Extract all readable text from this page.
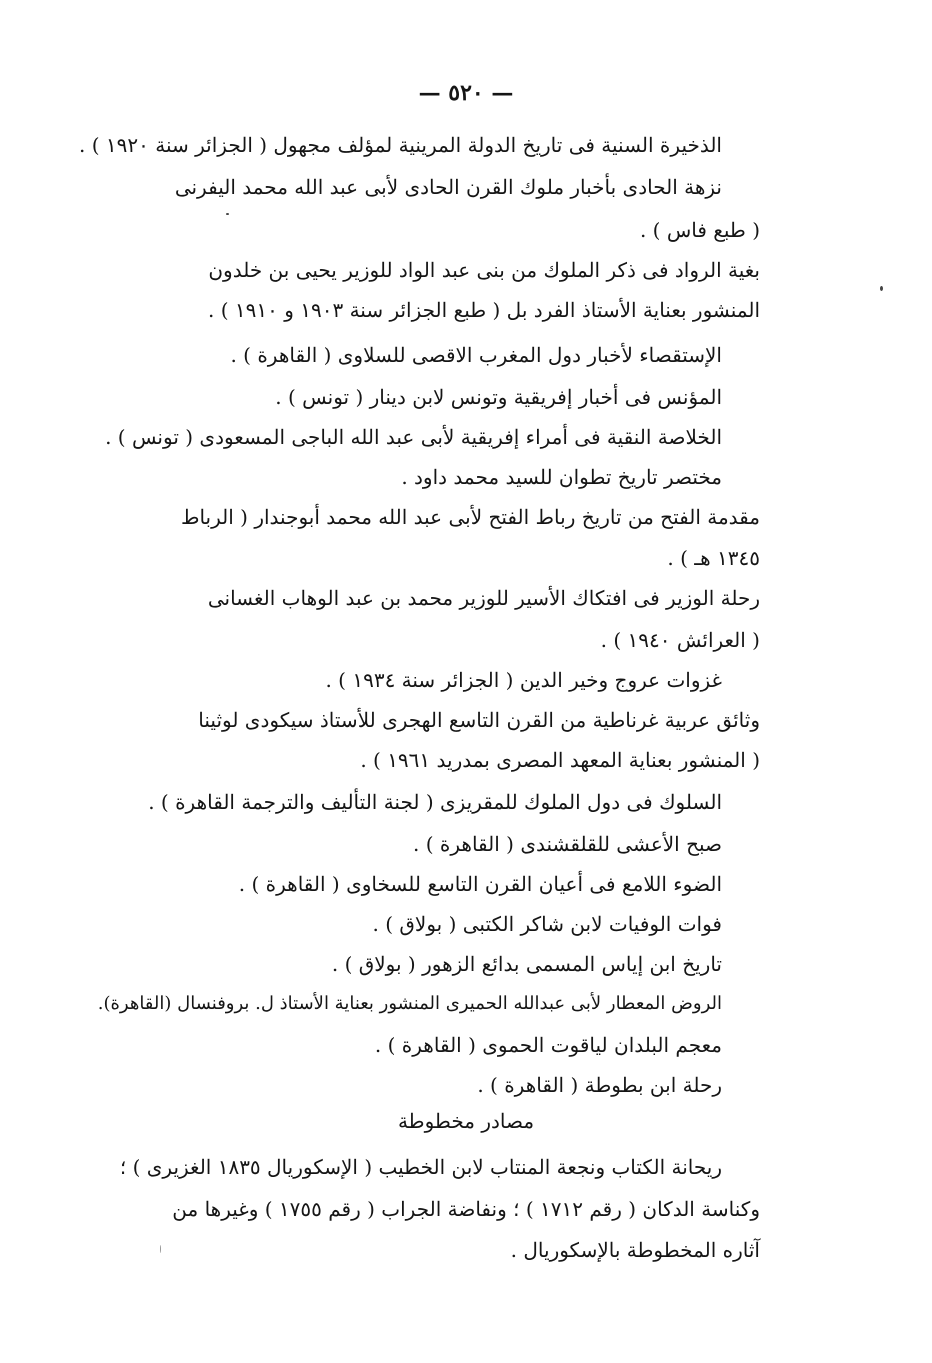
— ٥٢٠ —
الذخيرة السنية فى تاريخ الدولة المرينية لمؤلف مجهول ( الجزائر سنة ١٩٢٠ ) .
نزهة الحادى بأخبار ملوك القرن الحادى لأبى عبد الله محمد اليفرنى
( طبع فاس ) .
بغية الرواد فى ذكر الملوك من بنى عبد الواد للوزير يحيى بن خلدون
المنشور بعناية الأستاذ الفرد بل ( طبع الجزائر سنة ١٩٠٣ و ١٩١٠ ) .
الإستقصاء لأخبار دول المغرب الاقصى للسلاوى ( القاهرة ) .
المؤنس فى أخبار إفريقية وتونس لابن دينار ( تونس ) .
الخلاصة النقية فى أمراء إفريقية لأبى عبد الله الباجى المسعودى ( تونس ) .
مختصر تاريخ تطوان للسيد محمد داود .
مقدمة الفتح من تاريخ رباط الفتح لأبى عبد الله محمد أبوجندار ( الرباط
١٣٤٥ هـ ) .
رحلة الوزير فى افتكاك الأسير للوزير محمد بن عبد الوهاب الغسانى
( العرائش ١٩٤٠ ) .
غزوات عروج وخير الدين ( الجزائر سنة ١٩٣٤ ) .
وثائق عربية غرناطية من القرن التاسع الهجرى للأستاذ سيكودى لوثينا
( المنشور بعناية المعهد المصرى بمدريد ١٩٦١ ) .
السلوك فى دول الملوك للمقريزى ( لجنة التأليف والترجمة القاهرة ) .
صبح الأعشى للقلقشندى ( القاهرة ) .
الضوء اللامع فى أعيان القرن التاسع للسخاوى ( القاهرة ) .
فوات الوفيات لابن شاكر الكتبى ( بولاق ) .
تاريخ ابن إياس المسمى بدائع الزهور ( بولاق ) .
الروض المعطار لأبى عبدالله الحميرى المنشور بعناية الأستاذ ل. بروفنسال (القاهرة).
معجم البلدان لياقوت الحموى ( القاهرة ) .
رحلة ابن بطوطة ( القاهرة ) .
مصادر مخطوطة
ريحانة الكتاب ونجعة المنتاب لابن الخطيب ( الإسكوريال ١٨٣٥ الغزيرى ) ؛
وكناسة الدكان ( رقم ١٧١٢ ) ؛ ونفاضة الجراب ( رقم ١٧٥٥ ) وغيرها من
آثاره المخطوطة بالإسكوريال .
